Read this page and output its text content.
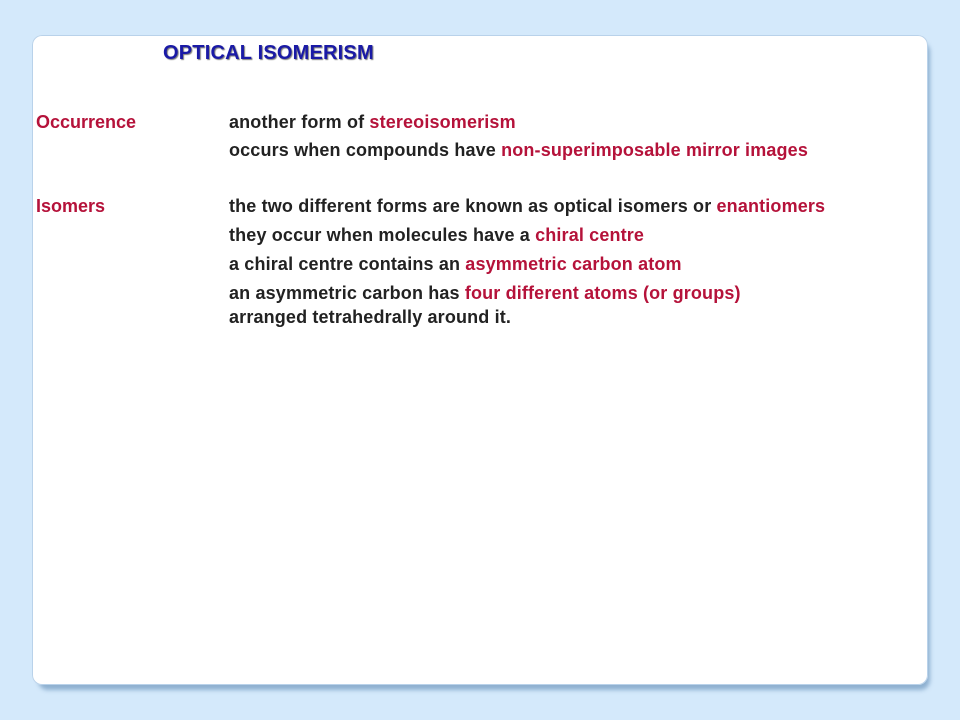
OPTICAL ISOMERISM
Occurrence	another form of stereoisomerism
occurs when compounds have non-superimposable mirror images
Isomers	the two different forms are known as optical isomers or enantiomers
they occur when molecules have a chiral centre
a chiral centre contains an asymmetric carbon atom
an asymmetric carbon has four different atoms (or groups)
arranged tetrahedrally around it.
